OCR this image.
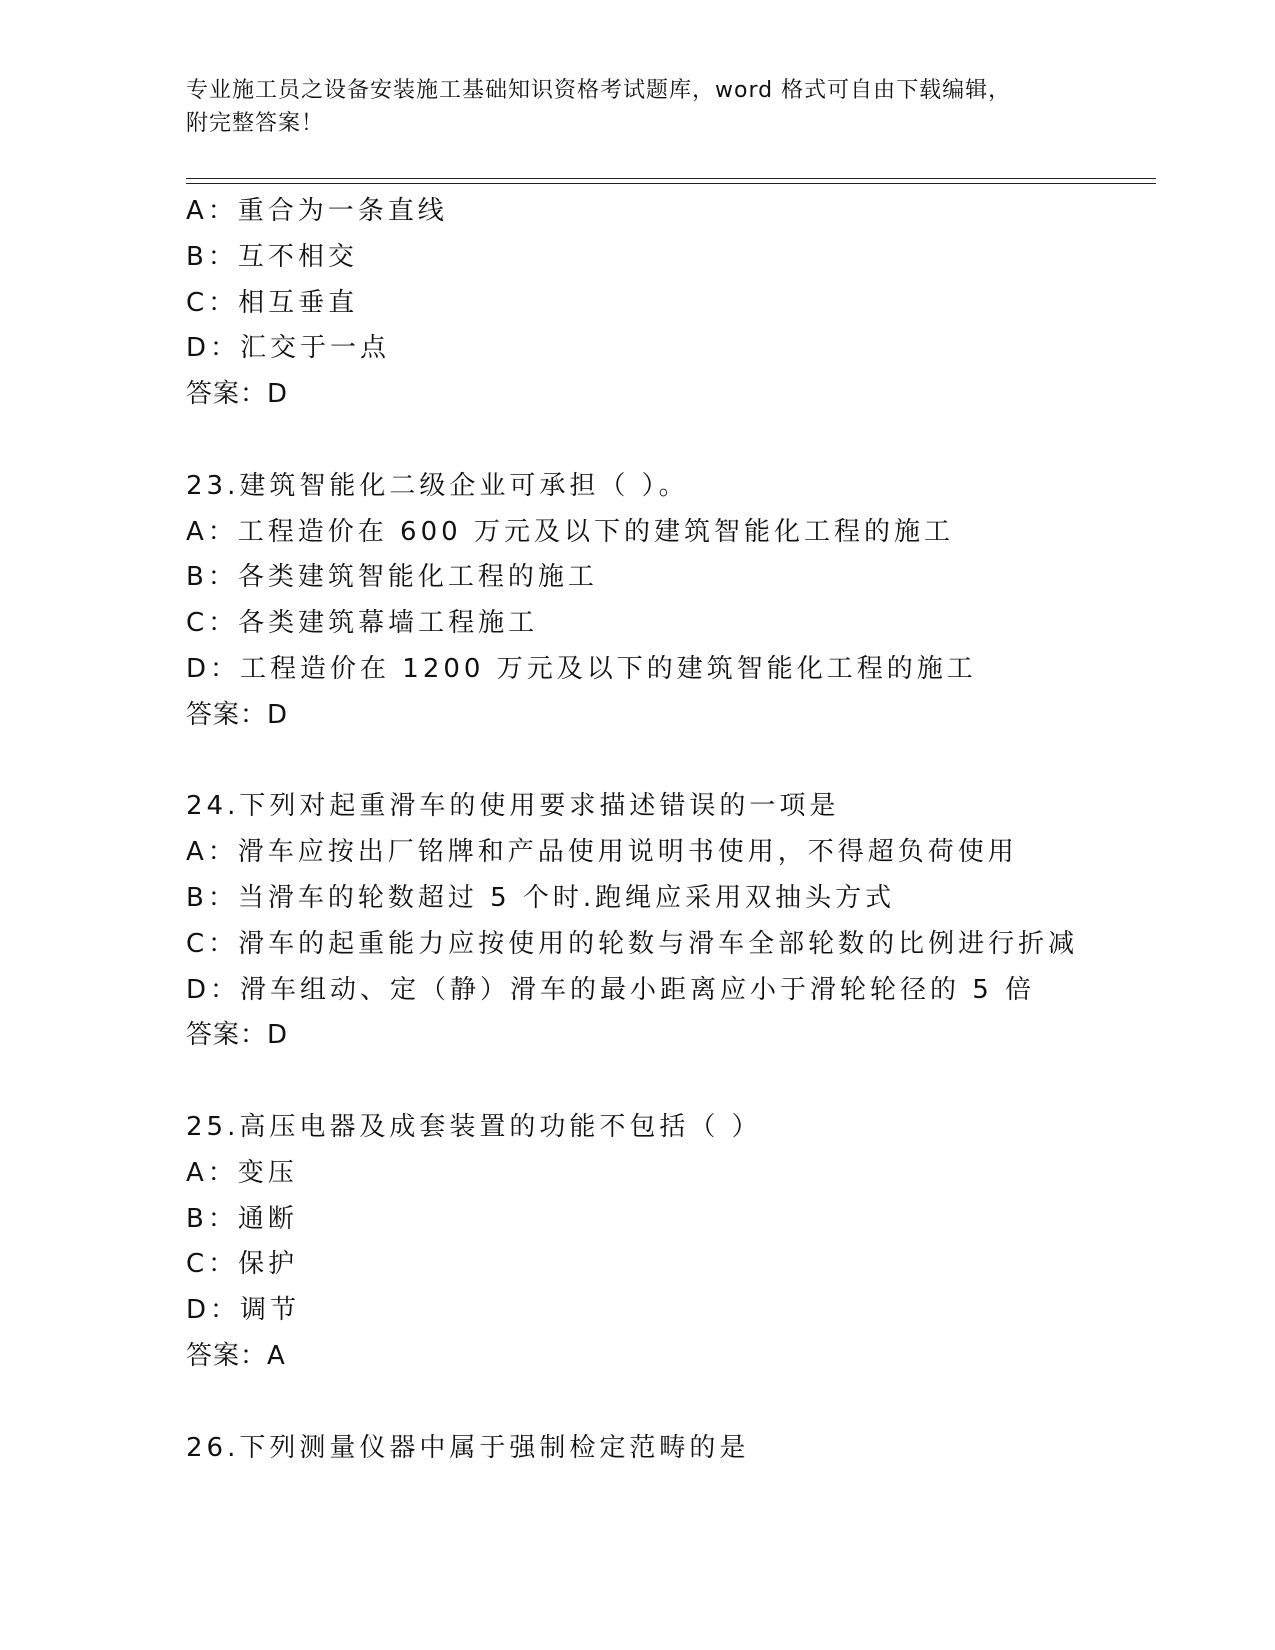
专业施工员之设备安装施工基础知识资格考试题库，word 格式可自由下载编辑，
附完整答案！
A：重合为一条直线
B：互不相交
C：相互垂直
D：汇交于一点
答案：D
23.建筑智能化二级企业可承担（ ）。
A：工程造价在 600 万元及以下的建筑智能化工程的施工
B：各类建筑智能化工程的施工
C：各类建筑幕墙工程施工
D：工程造价在 1200 万元及以下的建筑智能化工程的施工
答案：D
24.下列对起重滑车的使用要求描述错误的一项是
A：滑车应按出厂铭牌和产品使用说明书使用，不得超负荷使用
B：当滑车的轮数超过 5 个时.跑绳应采用双抽头方式
C：滑车的起重能力应按使用的轮数与滑车全部轮数的比例进行折减
D：滑车组动、定（静）滑车的最小距离应小于滑轮轮径的 5 倍
答案：D
25.高压电器及成套装置的功能不包括（ ）
A：变压
B：通断
C：保护
D：调节
答案：A
26.下列测量仪器中属于强制检定范畴的是
